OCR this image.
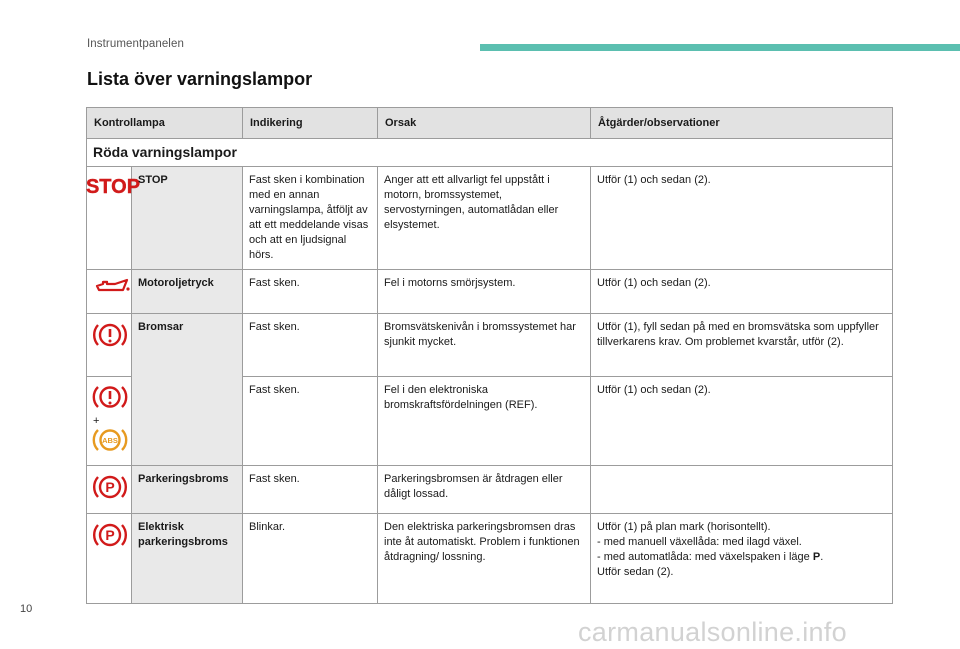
Instrumentpanelen
Lista över varningslampor
Kontrollampa		Indikering	Orsak	Åtgärder/observationer
Röda varningslampor				

STOP	STOP	Fast sken i kombination med en annan varningslampa, åtföljt av att ett meddelande visas och att en ljudsignal hörs.	Anger att ett allvarligt fel uppstått i motorn, bromssystemet, servostyrningen, automatlådan eller elsystemet.	Utför (1) och sedan (2).
	Motoroljetryck	Fast sken.	Fel i motorns smörjsystem.	Utför (1) och sedan (2).
	Bromsar	Fast sken.	Bromsvätskenivån i bromssystemet har sjunkit mycket.	Utför (1), fyll sedan på med en bromsvätska som uppfyller tillverkarens krav. Om problemet kvarstår, utför (2).

+
ABS		Fast sken.	Fel i den elektroniska bromskraftsfördelningen (REF).	Utför (1) och sedan (2).

P	Parkeringsbroms	Fast sken.	Parkeringsbromsen är åtdragen eller dåligt lossad.	

P	Elektrisk parkeringsbroms	Blinkar.	Den elektriska parkeringsbromsen dras inte åt automatiskt. Problem i funktionen åtdragning/ lossning.	Utför (1) på plan mark (horisontellt).
- med manuell växellåda: med ilagd växel.
- med automatlåda: med växelspaken i läge P.
Utför sedan (2).
10
carmanualsonline.info
